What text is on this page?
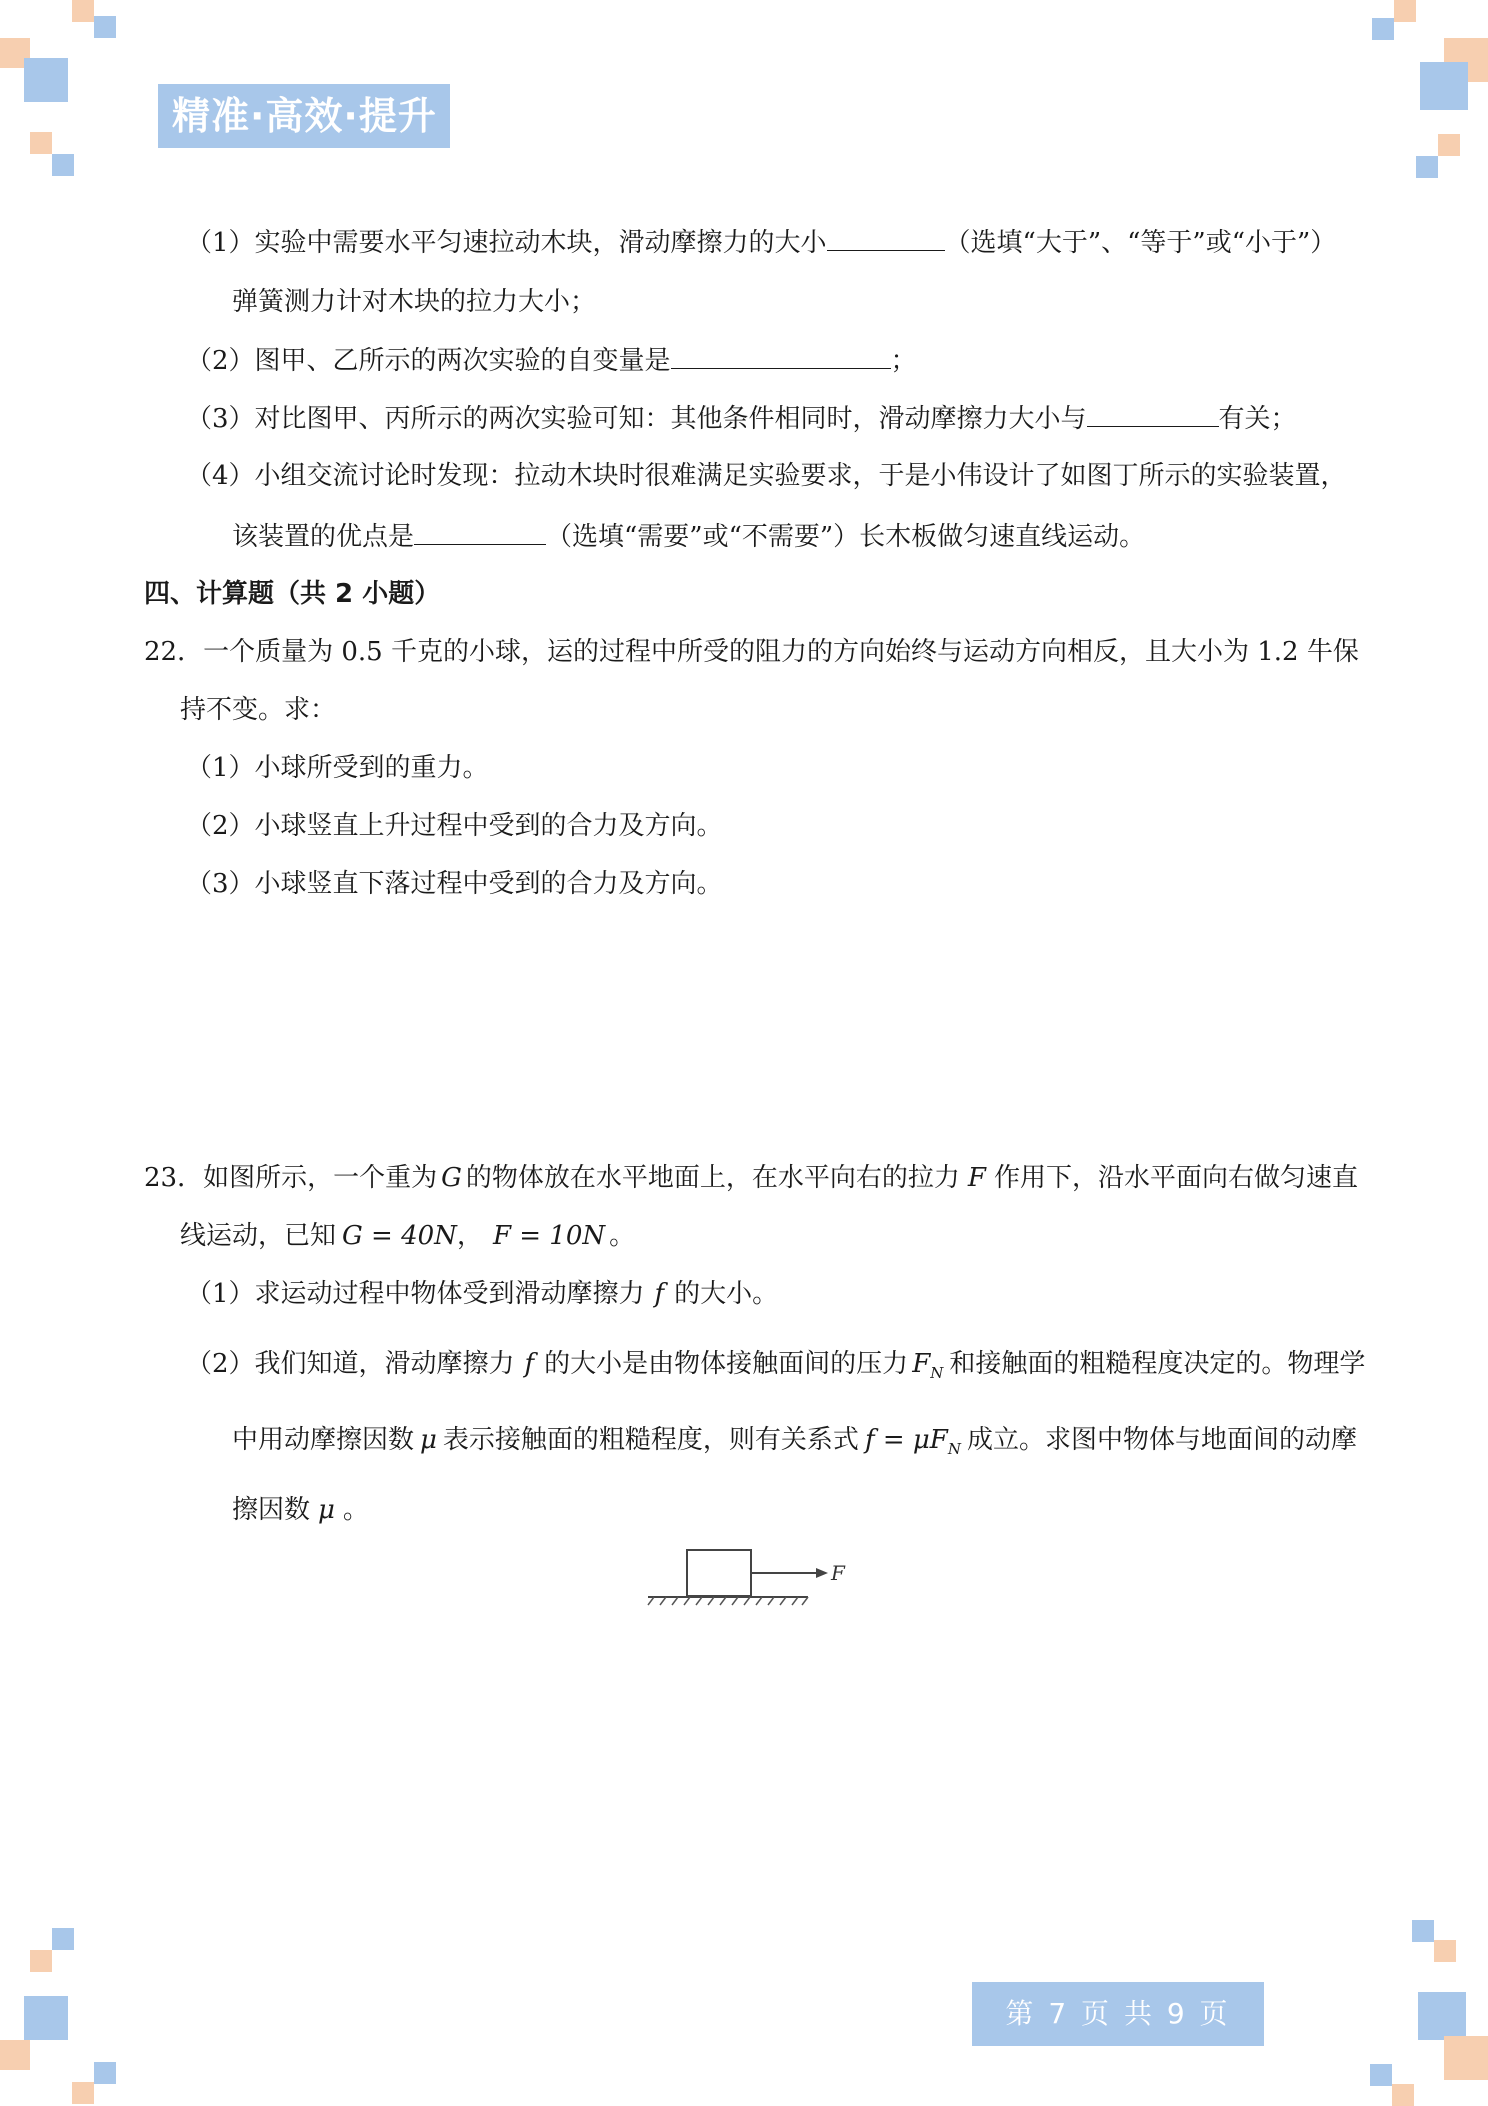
精准·高效·提升
（1）实验中需要水平匀速拉动木块，滑动摩擦力的大小	（选填“大于”、“等于”或“小于”）
弹簧测力计对木块的拉力大小；
（2）图甲、乙所示的两次实验的自变量是	；
（3）对比图甲、丙所示的两次实验可知：其他条件相同时，滑动摩擦力大小与	有关；
（4）小组交流讨论时发现：拉动木块时很难满足实验要求，于是小伟设计了如图丁所示的实验装置，
该装置的优点是	（选填“需要”或“不需要”）长木板做匀速直线运动。
四、计算题（共 2 小题）
22．一个质量为 0.5 千克的小球，运的过程中所受的阻力的方向始终与运动方向相反，且大小为 1.2 牛保
持不变。求：
（1）小球所受到的重力。
（2）小球竖直上升过程中受到的合力及方向。
（3）小球竖直下落过程中受到的合力及方向。
23．如图所示，一个重为 G 的物体放在水平地面上，在水平向右的拉力 F 作用下，沿水平面向右做匀速直
线运动，已知 G = 40N， F = 10N 。
（1）求运动过程中物体受到滑动摩擦力 f 的大小。
（2）我们知道，滑动摩擦力 f 的大小是由物体接触面间的压力 $F_N$ 和接触面的粗糙程度决定的。物理学
中用动摩擦因数 μ 表示接触面的粗糙程度，则有关系式 $f = \mu F_N$ 成立。求图中物体与地面间的动摩
擦因数 μ 。
F
第 7 页 共 9 页
